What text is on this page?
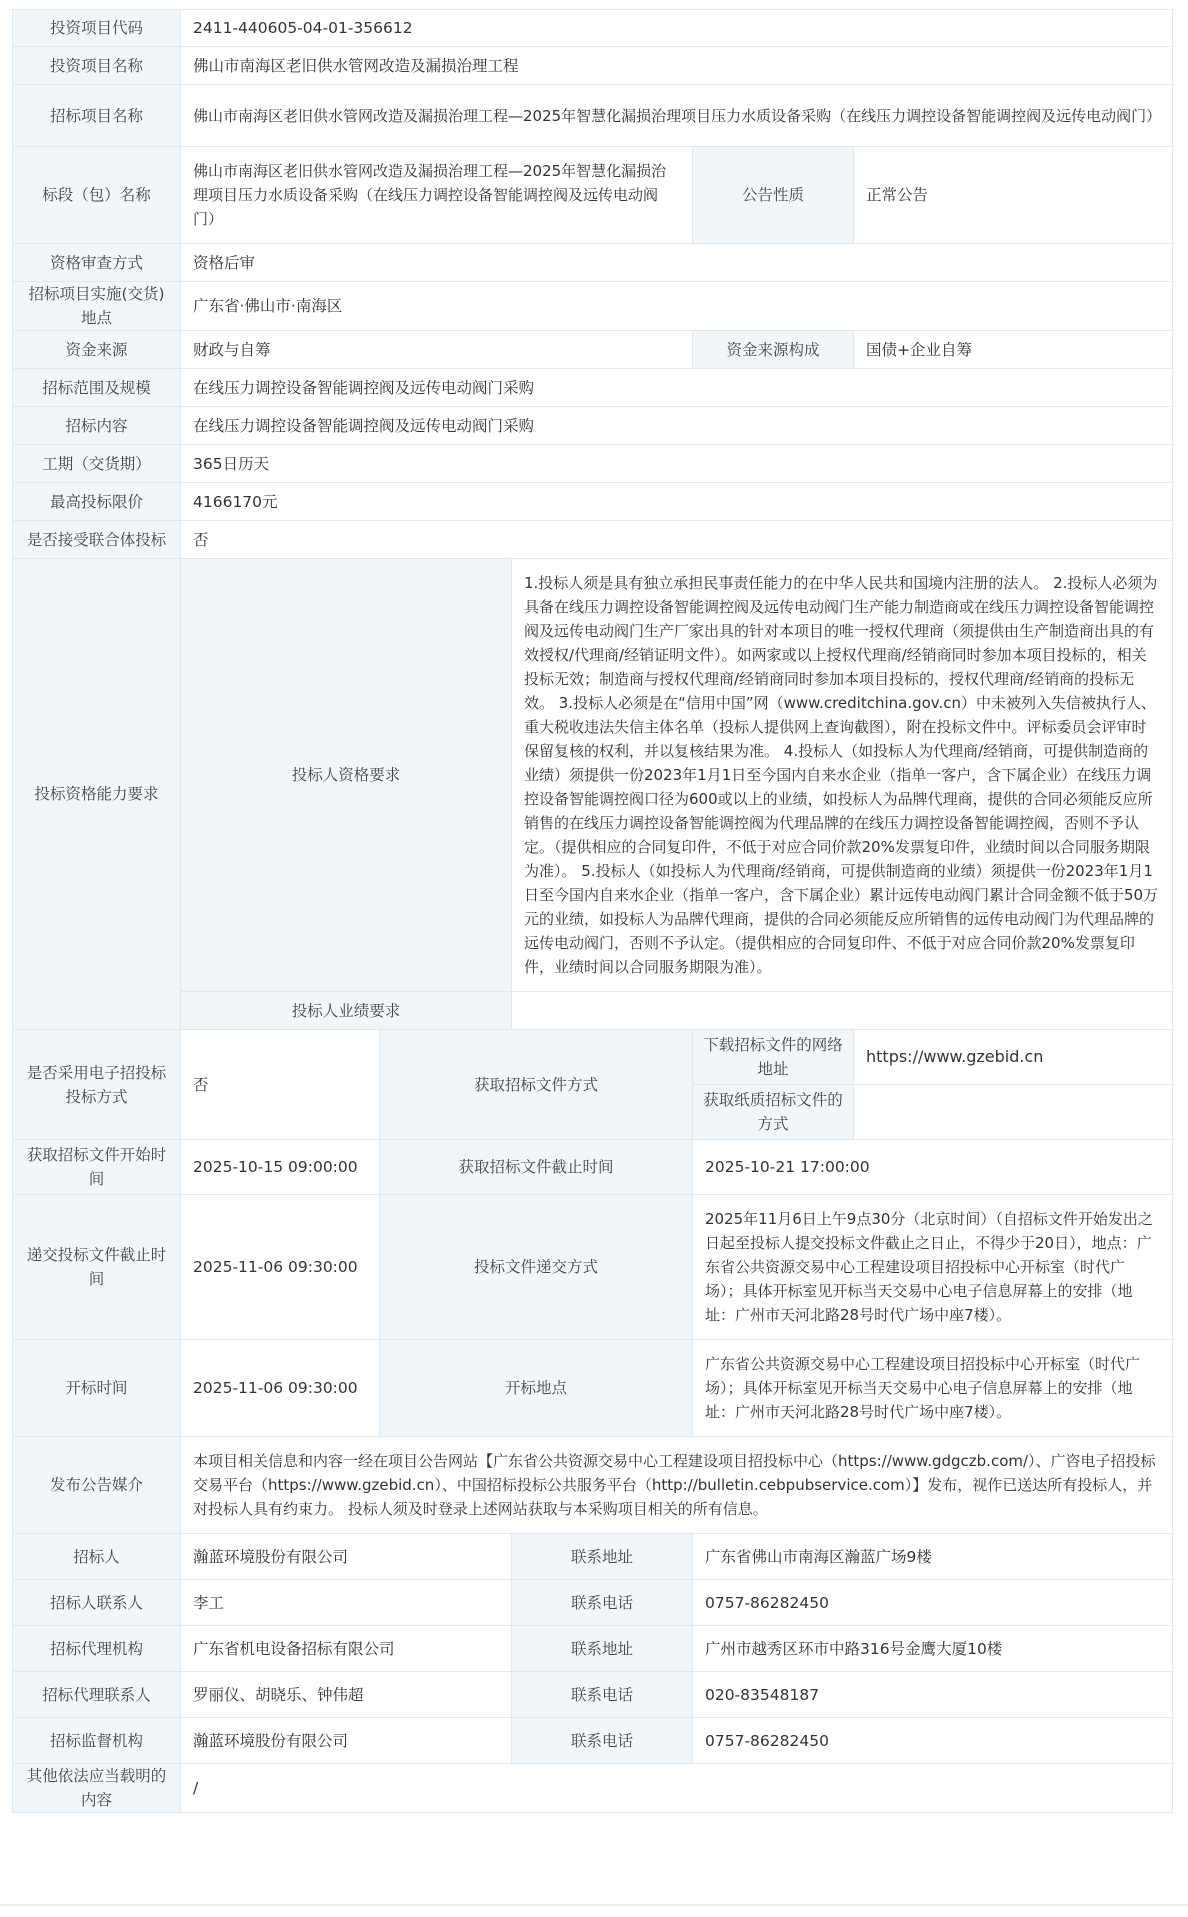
投资项目代码	2411-440605-04-01-356612				
投资项目名称	佛山市南海区老旧供水管网改造及漏损治理工程				
招标项目名称	佛山市南海区老旧供水管网改造及漏损治理工程—2025年智慧化漏损治理项目压力水质设备采购（在线压力调控设备智能调控阀及远传电动阀门）				
标段（包）名称	佛山市南海区老旧供水管网改造及漏损治理工程—2025年智慧化漏损治理项目压力水质设备采购（在线压力调控设备智能调控阀及远传电动阀门）			公告性质	正常公告
资格审查方式	资格后审				
招标项目实施(交货)地点	广东省·佛山市·南海区				
资金来源	财政与自筹			资金来源构成	国债+企业自筹
招标范围及规模	在线压力调控设备智能调控阀及远传电动阀门采购				
招标内容	在线压力调控设备智能调控阀及远传电动阀门采购				
工期（交货期）	365日历天				
最高投标限价	4166170元				
是否接受联合体投标	否				
投标资格能力要求	投标人资格要求		1.投标人须是具有独立承担民事责任能力的在中华人民共和国境内注册的法人。 2.投标人必须为具备在线压力调控设备智能调控阀及远传电动阀门生产能力制造商或在线压力调控设备智能调控阀及远传电动阀门生产厂家出具的针对本项目的唯一授权代理商（须提供由生产制造商出具的有效授权/代理商/经销证明文件）。如两家或以上授权代理商/经销商同时参加本项目投标的，相关投标无效；制造商与授权代理商/经销商同时参加本项目投标的，授权代理商/经销商的投标无效。 3.投标人必须是在“信用中国”网（www.creditchina.gov.cn）中未被列入失信被执行人、重大税收违法失信主体名单（投标人提供网上查询截图），附在投标文件中。评标委员会评审时保留复核的权利，并以复核结果为准。 4.投标人（如投标人为代理商/经销商，可提供制造商的业绩）须提供一份2023年1月1日至今国内自来水企业（指单一客户，含下属企业）在线压力调控设备智能调控阀口径为600或以上的业绩，如投标人为品牌代理商，提供的合同必须能反应所销售的在线压力调控设备智能调控阀为代理品牌的在线压力调控设备智能调控阀，否则不予认定。（提供相应的合同复印件，不低于对应合同价款20%发票复印件，业绩时间以合同服务期限为准）。 5.投标人（如投标人为代理商/经销商，可提供制造商的业绩）须提供一份2023年1月1日至今国内自来水企业（指单一客户，含下属企业）累计远传电动阀门累计合同金额不低于50万元的业绩，如投标人为品牌代理商，提供的合同必须能反应所销售的远传电动阀门为代理品牌的远传电动阀门，否则不予认定。（提供相应的合同复印件、不低于对应合同价款20%发票复印件，业绩时间以合同服务期限为准）。		
	投标人业绩要求				
是否采用电子招投标投标方式	否	获取招标文件方式		下载招标文件的网络地址	https://www.gzebid.cn
				获取纸质招标文件的方式	
获取招标文件开始时间	2025-10-15 09:00:00	获取招标文件截止时间		2025-10-21 17:00:00	
递交投标文件截止时间	2025-11-06 09:30:00	投标文件递交方式		2025年11月6日上午9点30分（北京时间）（自招标文件开始发出之日起至投标人提交投标文件截止之日止，不得少于20日），地点：广东省公共资源交易中心工程建设项目招投标中心开标室（时代广场）；具体开标室见开标当天交易中心电子信息屏幕上的安排（地址：广州市天河北路28号时代广场中座7楼）。	
开标时间	2025-11-06 09:30:00	开标地点		广东省公共资源交易中心工程建设项目招投标中心开标室（时代广场）；具体开标室见开标当天交易中心电子信息屏幕上的安排（地址：广州市天河北路28号时代广场中座7楼）。	
发布公告媒介	本项目相关信息和内容一经在项目公告网站【广东省公共资源交易中心工程建设项目招投标中心（https://www.gdgczb.com/）、广咨电子招投标交易平台（https://www.gzebid.cn）、中国招标投标公共服务平台（http://bulletin.cebpubservice.com）】发布，视作已送达所有投标人，并对投标人具有约束力。 投标人须及时登录上述网站获取与本采购项目相关的所有信息。				
招标人	瀚蓝环境股份有限公司		联系地址	广东省佛山市南海区瀚蓝广场9楼	
招标人联系人	李工		联系电话	0757-86282450	
招标代理机构	广东省机电设备招标有限公司		联系地址	广州市越秀区环市中路316号金鹰大厦10楼	
招标代理联系人	罗丽仪、胡晓乐、钟伟超		联系电话	020-83548187	
招标监督机构	瀚蓝环境股份有限公司		联系电话	0757-86282450	
其他依法应当载明的内容	/				
